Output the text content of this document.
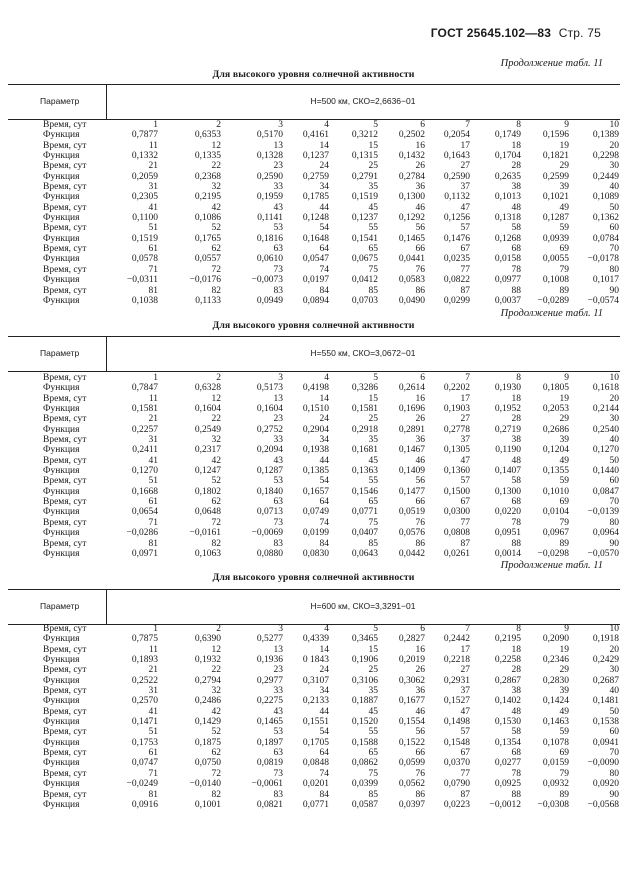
ГОСТ 25645.102—83 Стр. 75
Продолжение табл. 11
Для высокого уровня солнечной активности
Параметр	H=500 км, СКО=2,6636−01
Время, сут	1	2	3	4	5	6	7	8	9	10
Функция	0,7877	0,6353	0,5170	0,4161	0,3212	0,2502	0,2054	0,1749	0,1596	0,1389
Время, сут	11	12	13	14	15	16	17	18	19	20
Функция	0,1332	0,1335	0,1328	0,1237	0,1315	0,1432	0,1643	0,1704	0,1821	0,2298
Время, сут	21	22	23	24	25	26	27	28	29	30
Функция	0,2059	0,2368	0,2590	0,2759	0,2791	0,2784	0,2590	0,2635	0,2599	0,2449
Время, сут	31	32	33	34	35	36	37	38	39	40
Функция	0,2305	0,2195	0,1959	0,1785	0,1519	0,1300	0,1132	0,1013	0,1021	0,1089
Время, сут	41	42	43	44	45	46	47	48	49	50
Функция	0,1100	0,1086	0,1141	0,1248	0,1237	0,1292	0,1256	0,1318	0,1287	0,1362
Время, сут	51	52	53	54	55	56	57	58	59	60
Функция	0,1519	0,1765	0,1816	0,1648	0,1541	0,1465	0,1476	0,1268	0,0939	0,0784
Время, сут	61	62	63	64	65	66	67	68	69	70
Функция	0,0578	0,0557	0,0610	0,0547	0,0675	0,0441	0,0235	0,0158	0,0055	−0,0178
Время, сут	71	72	73	74	75	76	77	78	79	80
Функция	−0,0311	−0,0176	−0,0073	0,0197	0,0412	0,0583	0,0822	0,0977	0,1008	0,1017
Время, сут	81	82	83	84	85	86	87	88	89	90
Функция	0,1038	0,1133	0,0949	0,0894	0,0703	0,0490	0,0299	0,0037	−0,0289	−0,0574
Продолжение табл. 11
Для высокого уровня солнечной активности
Параметр	H=550 км, СКО=3,0672−01
Время, сут	1	2	3	4	5	6	7	8	9	10
Функция	0,7847	0,6328	0,5173	0,4198	0,3286	0,2614	0,2202	0,1930	0,1805	0,1618
Время, сут	11	12	13	14	15	16	17	18	19	20
Функция	0,1581	0,1604	0,1604	0,1510	0,1581	0,1696	0,1903	0,1952	0,2053	0,2144
Время, сут	21	22	23	24	25	26	27	28	29	30
Функция	0,2257	0,2549	0,2752	0,2904	0,2918	0,2891	0,2778	0,2719	0,2686	0,2540
Время, сут	31	32	33	34	35	36	37	38	39	40
Функция	0,2411	0,2317	0,2094	0,1938	0,1681	0,1467	0,1305	0,1190	0,1204	0,1270
Время, сут	41	42	43	44	45	46	47	48	49	50
Функция	0,1270	0,1247	0,1287	0,1385	0,1363	0,1409	0,1360	0,1407	0,1355	0,1440
Время, сут	51	52	53	54	55	56	57	58	59	60
Функция	0,1668	0,1802	0,1840	0,1657	0,1546	0,1477	0,1500	0,1300	0,1010	0,0847
Время, сут	61	62	63	64	65	66	67	68	69	70
Функция	0,0654	0,0648	0,0713	0,0749	0,0771	0,0519	0,0300	0,0220	0,0104	−0,0139
Время, сут	71	72	73	74	75	76	77	78	79	80
Функция	−0,0286	−0,0161	−0,0069	0,0199	0,0407	0,0576	0,0808	0,0951	0,0967	0,0964
Время, сут	81	82	83	84	85	86	87	88	89	90
Функция	0,0971	0,1063	0,0880	0,0830	0,0643	0,0442	0,0261	0,0014	−0,0298	−0,0570
Продолжение табл. 11
Для высокого уровня солнечной активности
Параметр	H=600 км, СКО=3,3291−01
Время, сут	1	2	3	4	5	6	7	8	9	10
Функция	0,7875	0,6390	0,5277	0,4339	0,3465	0,2827	0,2442	0,2195	0,2090	0,1918
Время, сут	11	12	13	14	15	16	17	18	19	20
Функция	0,1893	0,1932	0,1936	0 1843	0,1906	0,2019	0,2218	0,2258	0,2346	0,2429
Время, сут	21	22	23	24	25	26	27	28	29	30
Функция	0,2522	0,2794	0,2977	0,3107	0,3106	0,3062	0,2931	0,2867	0,2830	0,2687
Время, сут	31	32	33	34	35	36	37	38	39	40
Функция	0,2570	0,2486	0,2275	0,2133	0,1887	0,1677	0,1527	0,1402	0,1424	0,1481
Время, сут	41	42	43	44	45	46	47	48	49	50
Функция	0,1471	0,1429	0,1465	0,1551	0,1520	0,1554	0,1498	0,1530	0,1463	0,1538
Время, сут	51	52	53	54	55	56	57	58	59	60
Функция	0,1753	0,1875	0,1897	0,1705	0,1588	0,1522	0,1548	0,1354	0,1078	0,0941
Время, сут	61	62	63	64	65	66	67	68	69	70
Функция	0,0747	0,0750	0,0819	0,0848	0,0862	0,0599	0,0370	0,0277	0,0159	−0,0090
Время, сут	71	72	73	74	75	76	77	78	79	80
Функция	−0,0249	−0,0140	−0,0061	0,0201	0,0399	0,0562	0,0790	0,0925	0,0932	0,0920
Время, сут	81	82	83	84	85	86	87	88	89	90
Функция	0,0916	0,1001	0,0821	0,0771	0,0587	0,0397	0,0223	−0,0012	−0,0308	−0,0568
